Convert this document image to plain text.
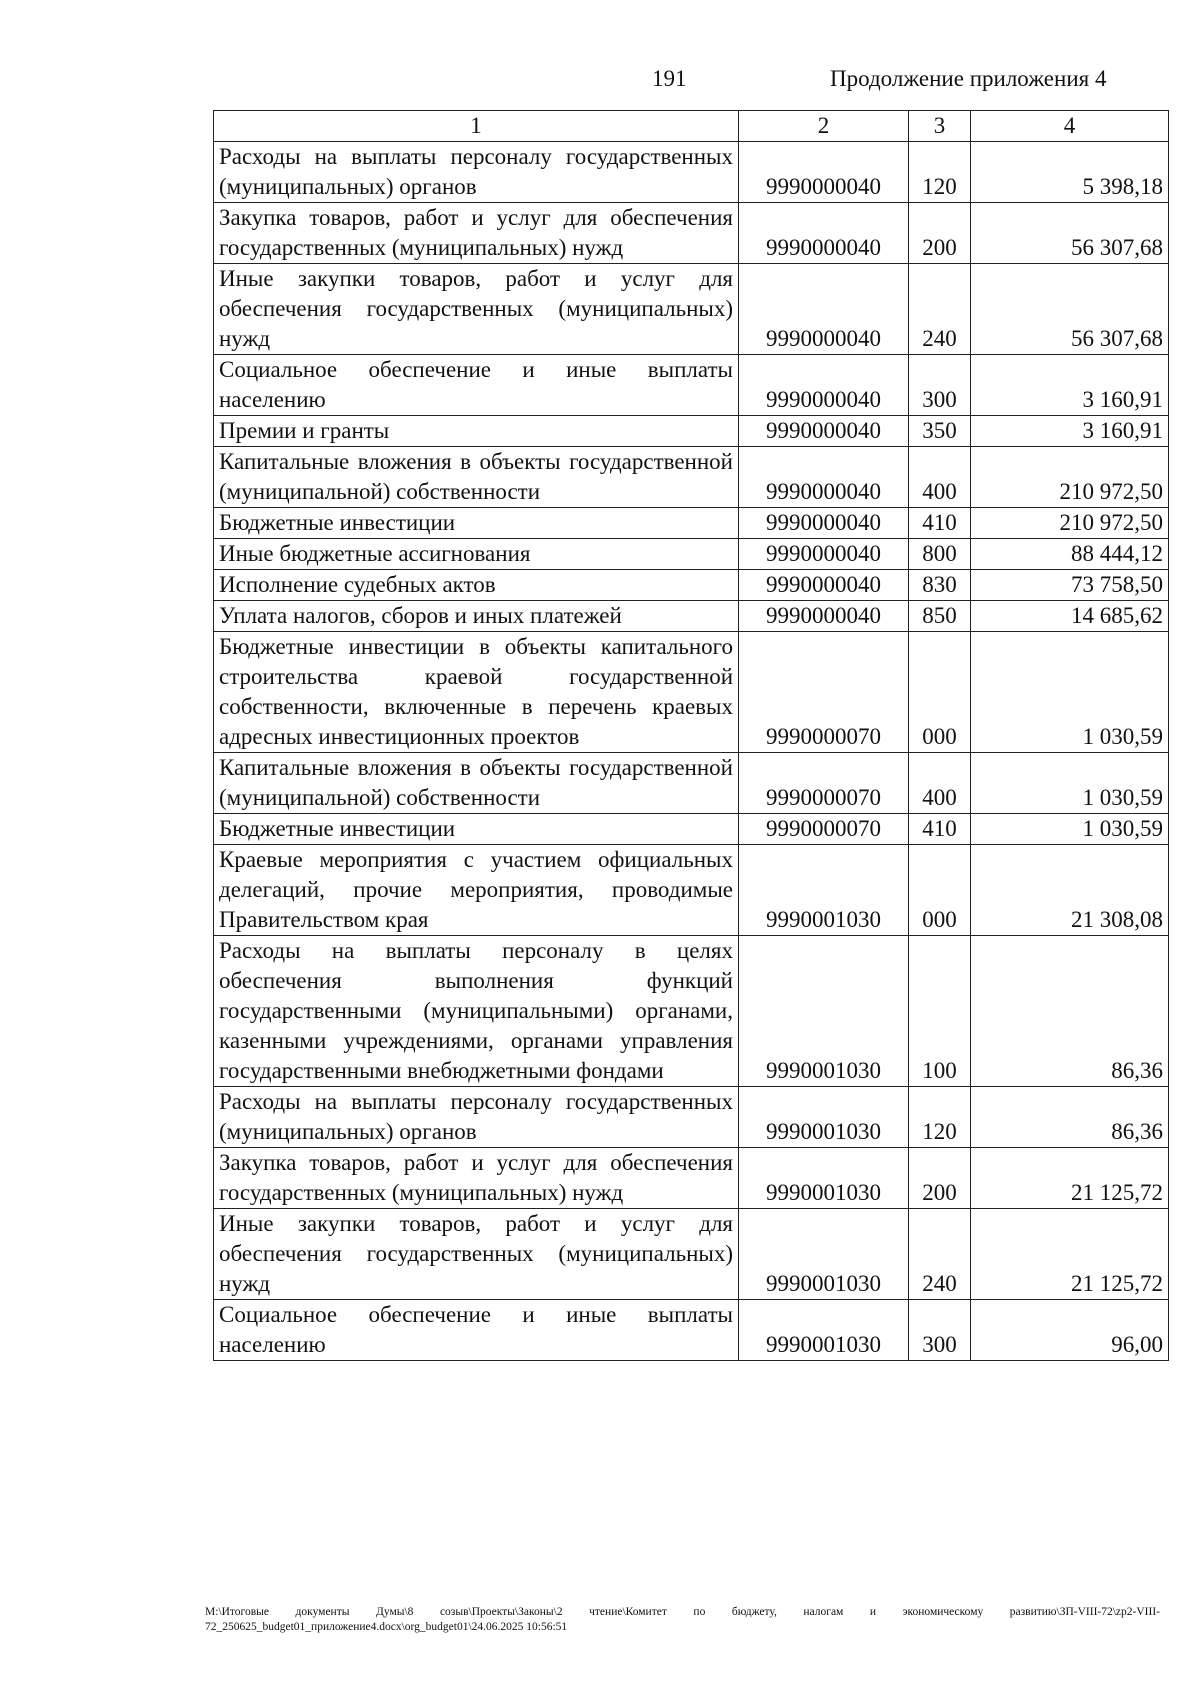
191	Продолжение приложения 4
1	2	3	4
Расходы на выплаты персоналу государственных (муниципальных) органов	9990000040	120	5 398,18
Закупка товаров, работ и услуг для обеспечения государственных (муниципальных) нужд	9990000040	200	56 307,68
Иные закупки товаров, работ и услуг для обеспечения государственных (муниципальных) нужд	9990000040	240	56 307,68
Социальное обеспечение и иные выплаты населению	9990000040	300	3 160,91
Премии и гранты	9990000040	350	3 160,91
Капитальные вложения в объекты государственной (муниципальной) собственности	9990000040	400	210 972,50
Бюджетные инвестиции	9990000040	410	210 972,50
Иные бюджетные ассигнования	9990000040	800	88 444,12
Исполнение судебных актов	9990000040	830	73 758,50
Уплата налогов, сборов и иных платежей	9990000040	850	14 685,62
Бюджетные инвестиции в объекты капитального строительства краевой государственной собственности, включенные в перечень краевых адресных инвестиционных проектов	9990000070	000	1 030,59
Капитальные вложения в объекты государственной (муниципальной) собственности	9990000070	400	1 030,59
Бюджетные инвестиции	9990000070	410	1 030,59
Краевые мероприятия с участием официальных делегаций, прочие мероприятия, проводимые Правительством края	9990001030	000	21 308,08
Расходы на выплаты персоналу в целях обеспечения выполнения функций государственными (муниципальными) органами, казенными учреждениями, органами управления государственными внебюджетными фондами	9990001030	100	86,36
Расходы на выплаты персоналу государственных (муниципальных) органов	9990001030	120	86,36
Закупка товаров, работ и услуг для обеспечения государственных (муниципальных) нужд	9990001030	200	21 125,72
Иные закупки товаров, работ и услуг для обеспечения государственных (муниципальных) нужд	9990001030	240	21 125,72
Социальное обеспечение и иные выплаты населению	9990001030	300	96,00
М:\Итоговые документы Думы\8 созыв\Проекты\Законы\2 чтение\Комитет по бюджету, налогам и экономическому развитию\ЗП-VIII-72\zp2-VIII-72_250625_budget01_приложение4.docx\org_budget01\24.06.2025 10:56:51
